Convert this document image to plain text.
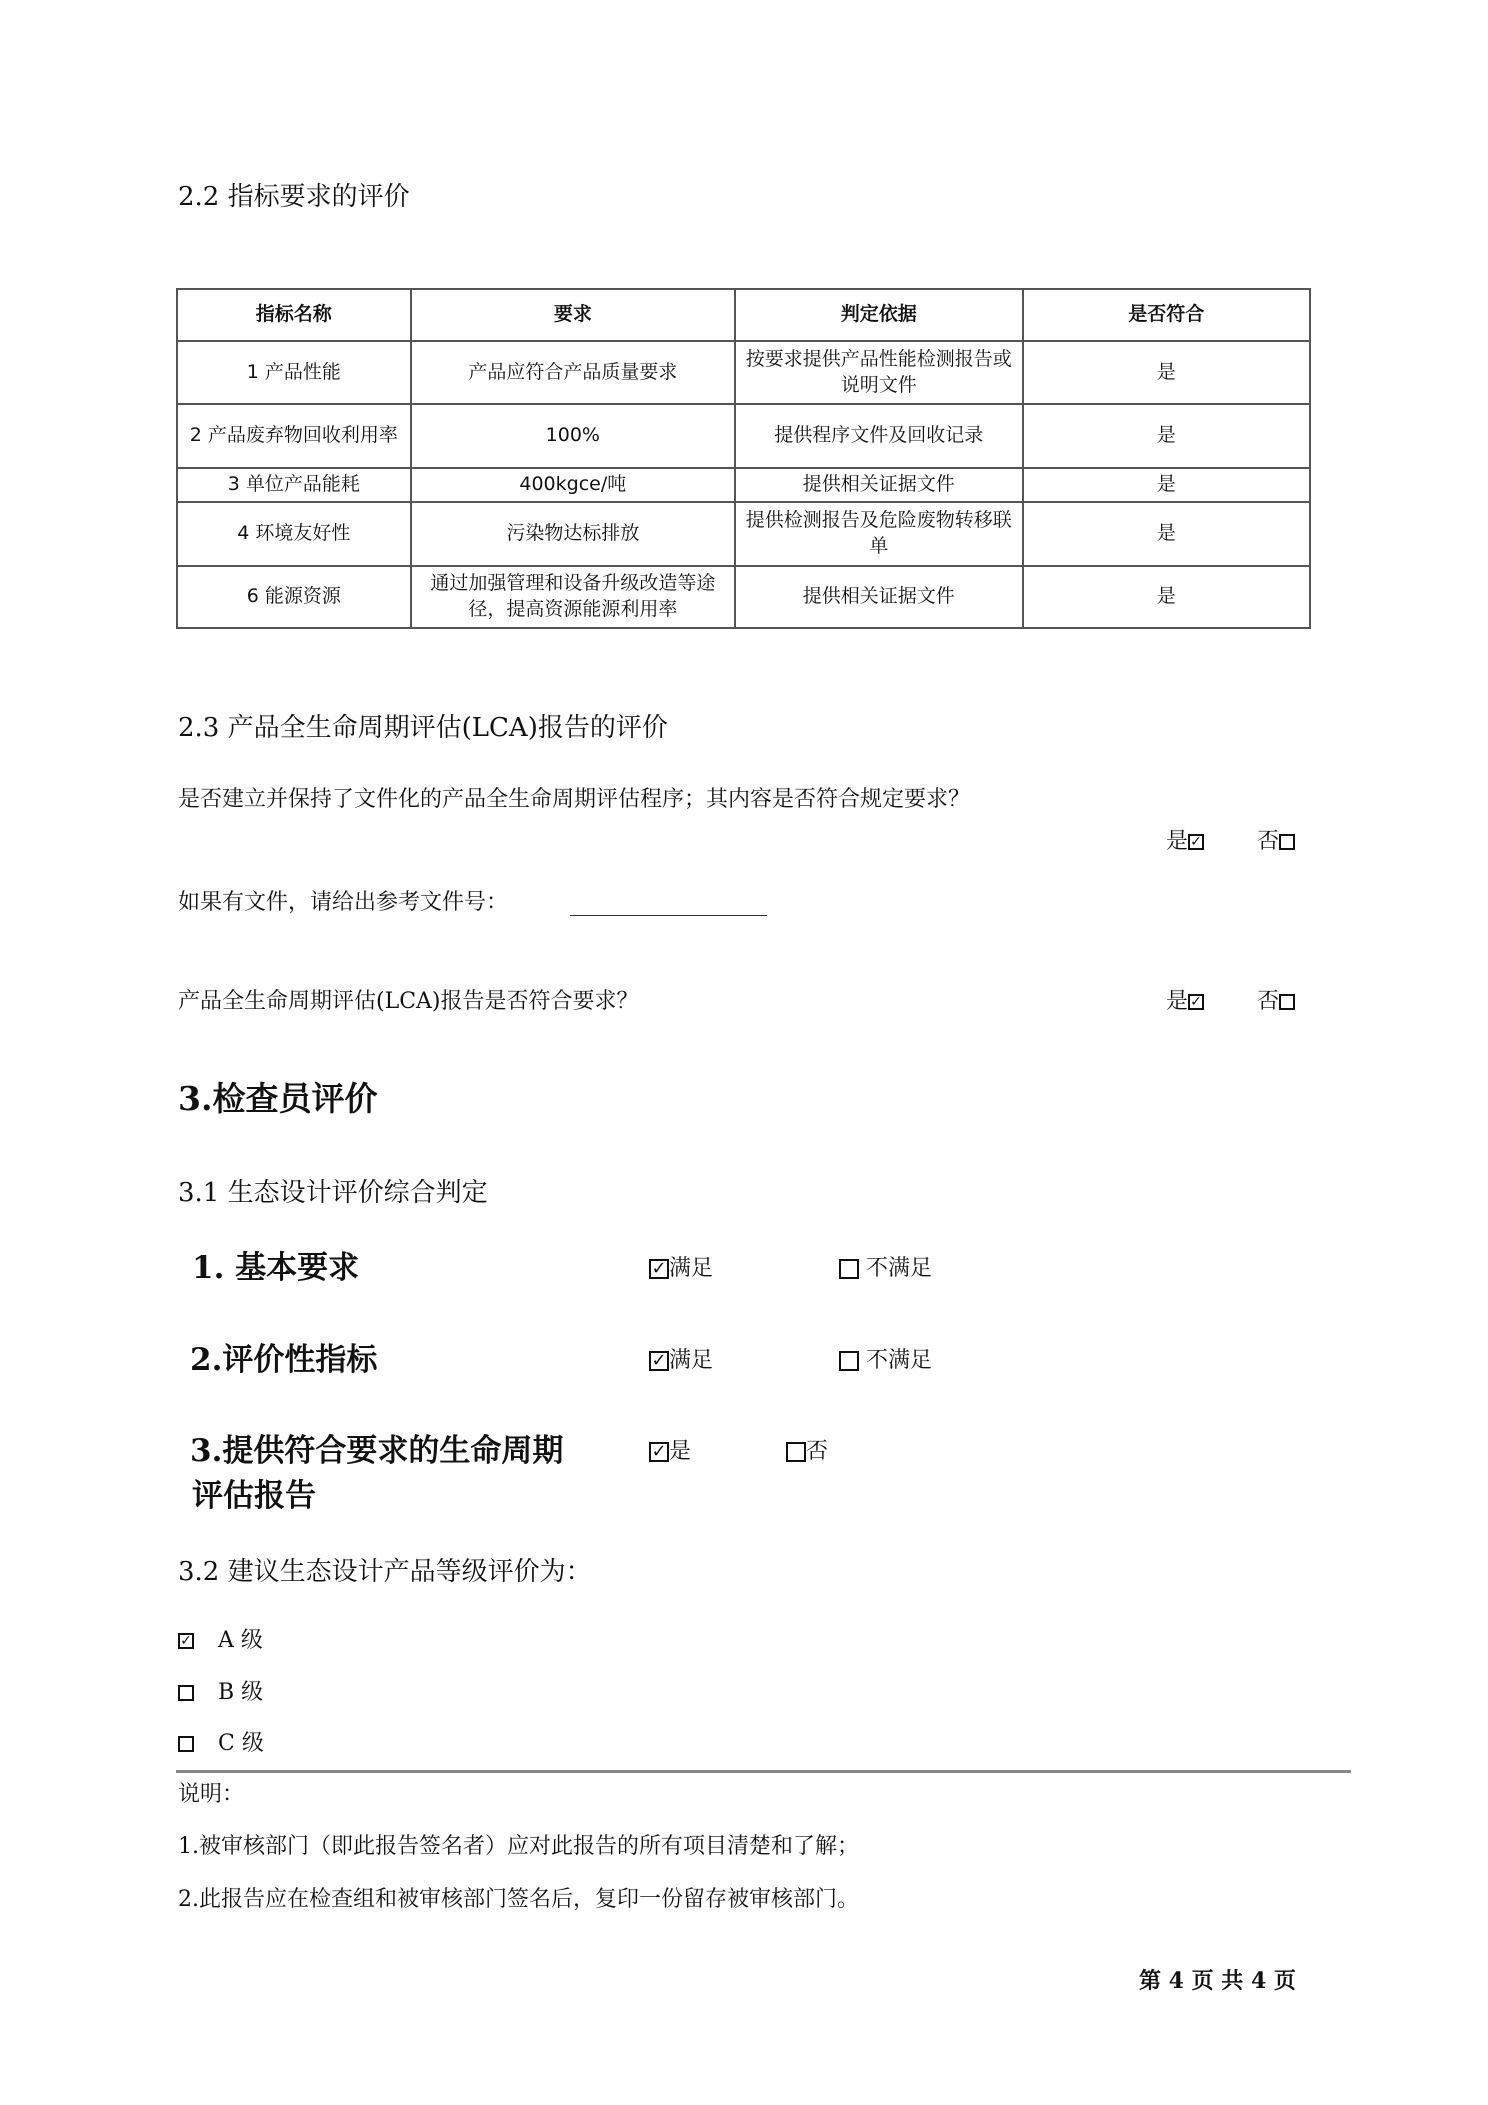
2.2 指标要求的评价
指标名称	要求	判定依据	是否符合
1 产品性能	产品应符合产品质量要求	按要求提供产品性能检测报告或说明文件	是
2 产品废弃物回收利用率	100%	提供程序文件及回收记录	是
3 单位产品能耗	400kgce/吨	提供相关证据文件	是
4 环境友好性	污染物达标排放	提供检测报告及危险废物转移联单	是
6 能源资源	通过加强管理和设备升级改造等途径，提高资源能源利用率	提供相关证据文件	是
2.3 产品全生命周期评估(LCA)报告的评价
是否建立并保持了文件化的产品全生命周期评估程序；其内容是否符合规定要求？
是 ✓	否
如果有文件，请给出参考文件号：
产品全生命周期评估(LCA)报告是否符合要求？	是 ✓	否
3.检查员评价
3.1 生态设计评价综合判定
1. 基本要求	✓ 满足	不满足
2.评价性指标	✓ 满足	不满足
3.提供符合要求的生命周期
评估报告
✓ 是	否
3.2 建议生态设计产品等级评价为：
✓ A 级
B 级
C 级
说明：
1.被审核部门（即此报告签名者）应对此报告的所有项目清楚和了解；
2.此报告应在检查组和被审核部门签名后，复印一份留存被审核部门。
第 4 页 共 4 页
